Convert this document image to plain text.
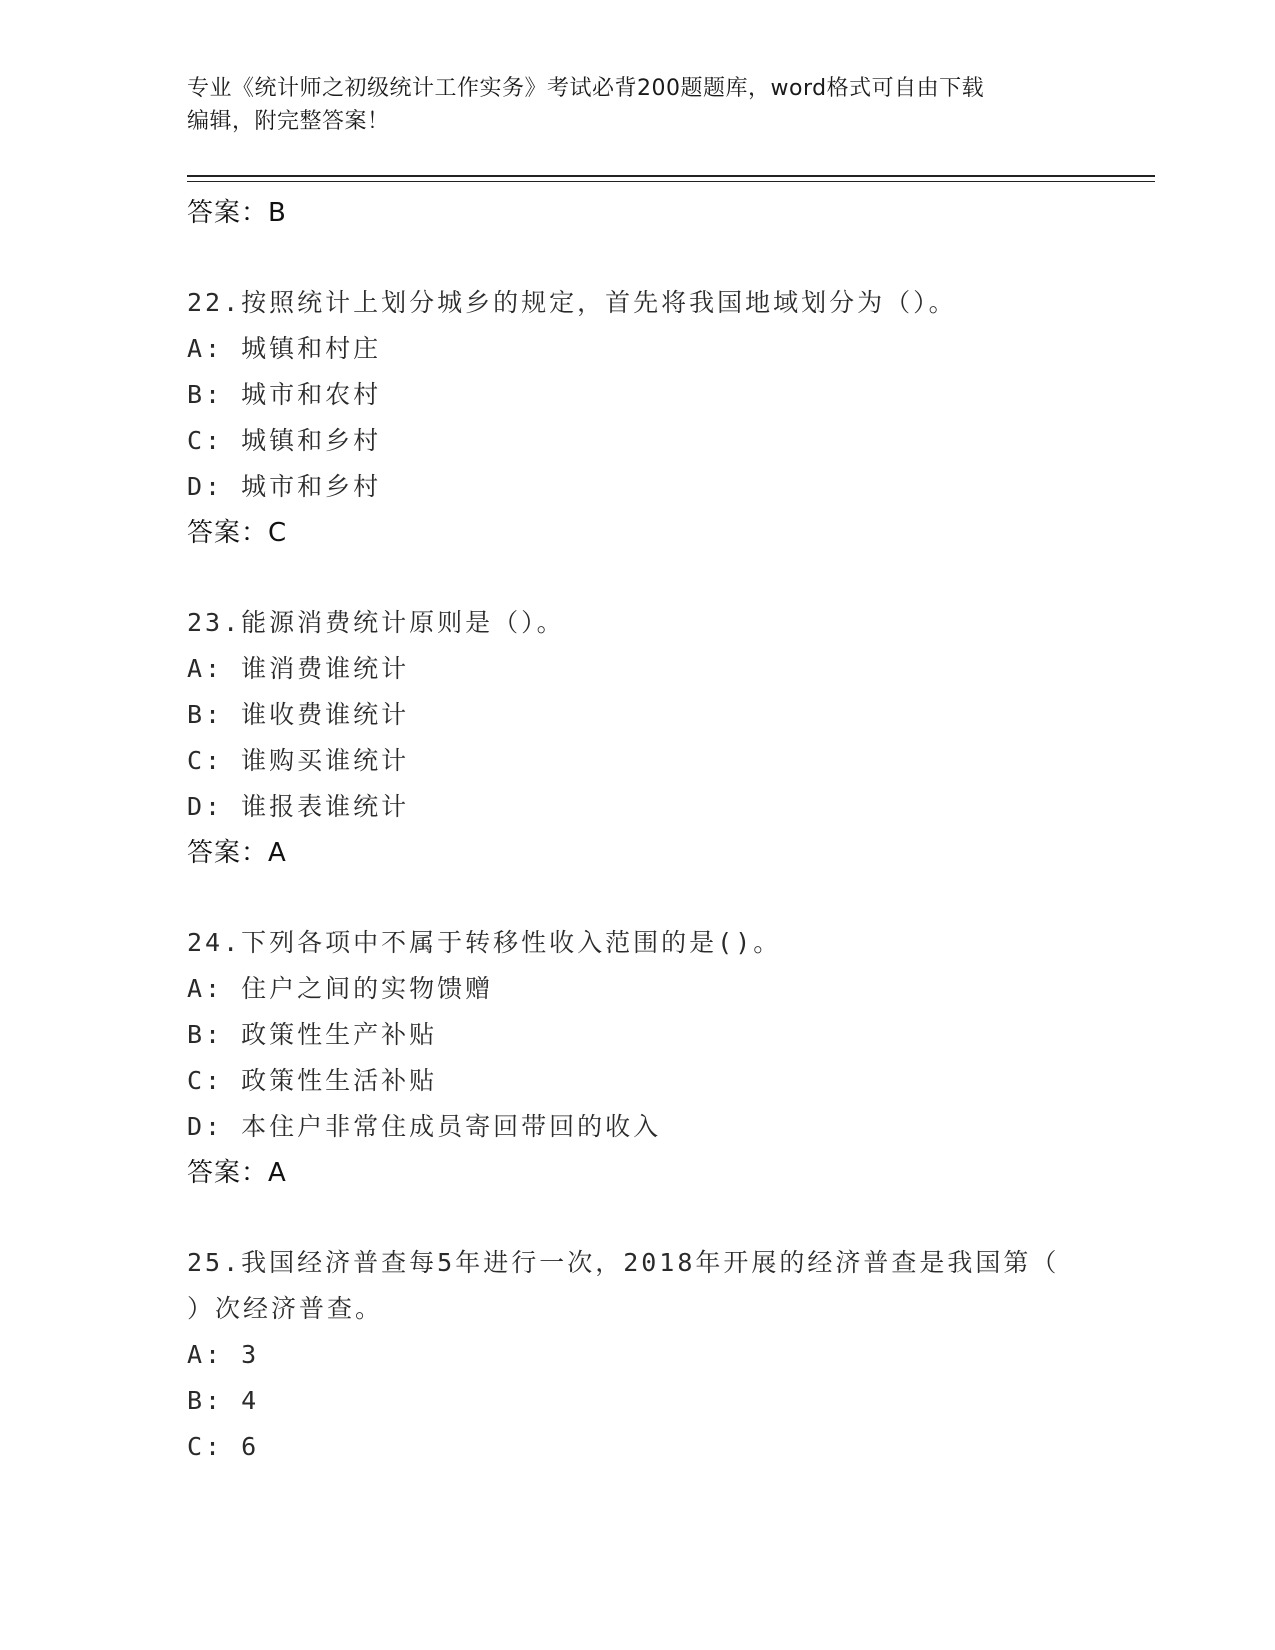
专业《统计师之初级统计工作实务》考试必背200题题库，word格式可自由下载
编辑，附完整答案！
答案：B
22.按照统计上划分城乡的规定，首先将我国地域划分为（）。
A: 城镇和村庄
B: 城市和农村
C: 城镇和乡村
D: 城市和乡村
答案：C
23.能源消费统计原则是（）。
A: 谁消费谁统计
B: 谁收费谁统计
C: 谁购买谁统计
D: 谁报表谁统计
答案：A
24.下列各项中不属于转移性收入范围的是()。
A: 住户之间的实物馈赠
B: 政策性生产补贴
C: 政策性生活补贴
D: 本住户非常住成员寄回带回的收入
答案：A
25.我国经济普查每5年进行一次，2018年开展的经济普查是我国第（
）次经济普查。
A: 3
B: 4
C: 6
